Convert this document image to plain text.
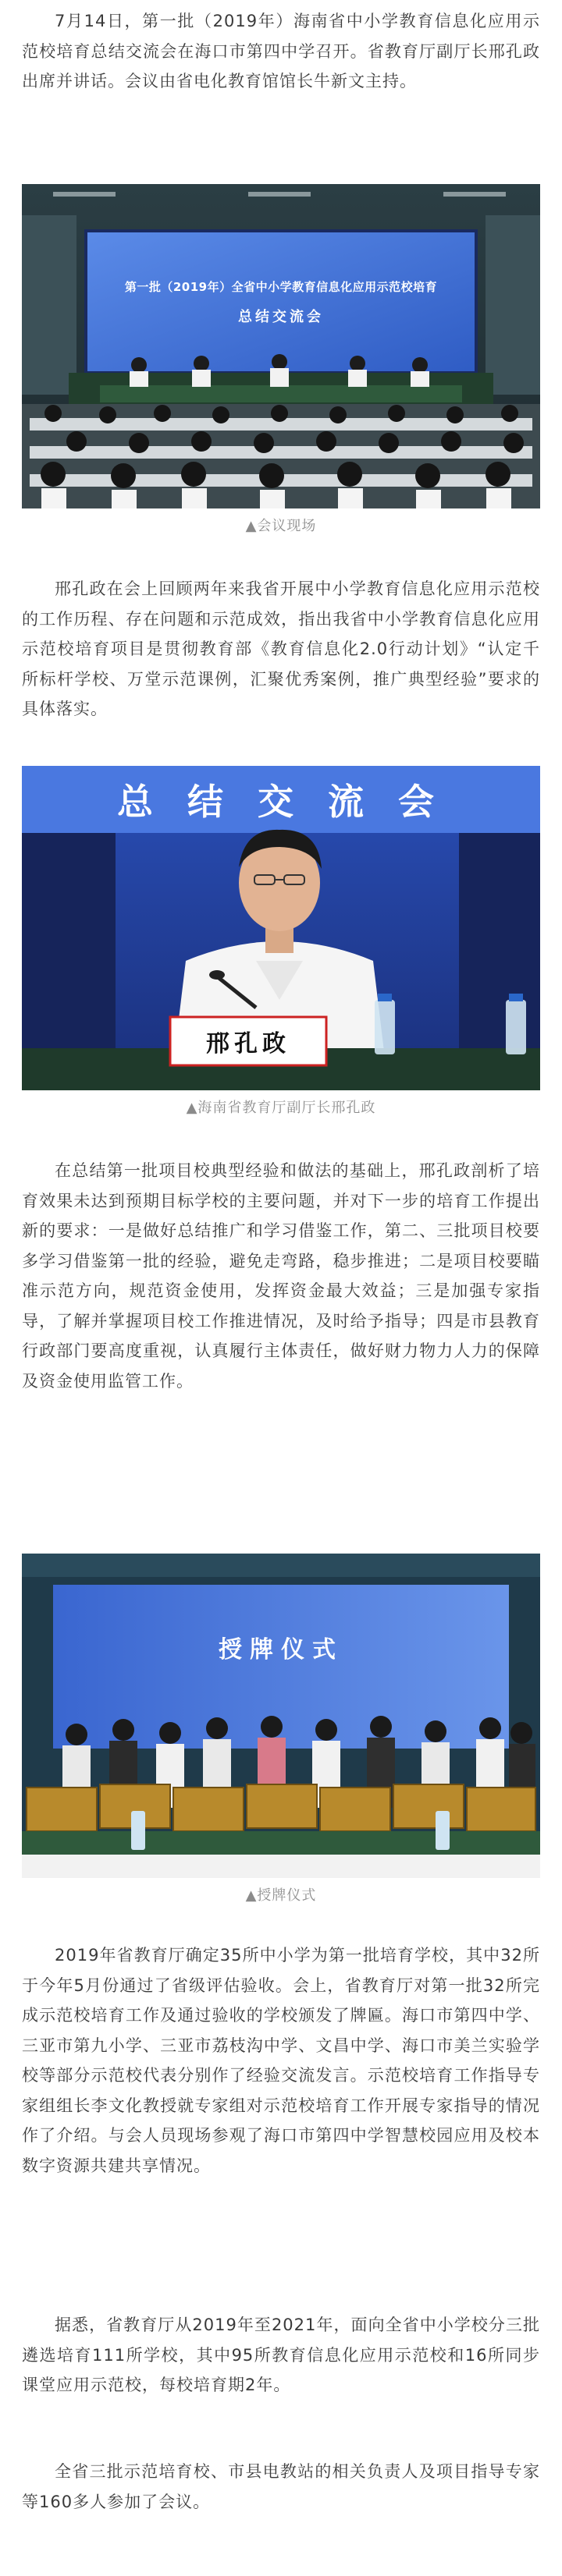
7月14日，第一批（2019年）海南省中小学教育信息化应用示范校培育总结交流会在海口市第四中学召开。省教育厅副厅长邢孔政出席并讲话。会议由省电化教育馆馆长牛新文主持。

第一批（2019年）全省中小学教育信息化应用示范校培育
总结交流会
▲会议现场

邢孔政在会上回顾两年来我省开展中小学教育信息化应用示范校的工作历程、存在问题和示范成效，指出我省中小学教育信息化应用示范校培育项目是贯彻教育部《教育信息化2.0行动计划》“认定千所标杆学校、万堂示范课例，汇聚优秀案例，推广典型经验”要求的具体落实。

总 结 交 流 会
邢孔政
▲海南省教育厅副厅长邢孔政

在总结第一批项目校典型经验和做法的基础上，邢孔政剖析了培育效果未达到预期目标学校的主要问题，并对下一步的培育工作提出新的要求：一是做好总结推广和学习借鉴工作，第二、三批项目校要多学习借鉴第一批的经验，避免走弯路，稳步推进；二是项目校要瞄准示范方向，规范资金使用，发挥资金最大效益；三是加强专家指导，了解并掌握项目校工作推进情况，及时给予指导；四是市县教育行政部门要高度重视，认真履行主体责任，做好财力物力人力的保障及资金使用监管工作。

授牌仪式
▲授牌仪式

2019年省教育厅确定35所中小学为第一批培育学校，其中32所于今年5月份通过了省级评估验收。会上，省教育厅对第一批32所完成示范校培育工作及通过验收的学校颁发了牌匾。海口市第四中学、三亚市第九小学、三亚市荔枝沟中学、文昌中学、海口市美兰实验学校等部分示范校代表分别作了经验交流发言。示范校培育工作指导专家组组长李文化教授就专家组对示范校培育工作开展专家指导的情况作了介绍。与会人员现场参观了海口市第四中学智慧校园应用及校本数字资源共建共享情况。

据悉，省教育厅从2019年至2021年，面向全省中小学校分三批遴选培育111所学校，其中95所教育信息化应用示范校和16所同步课堂应用示范校，每校培育期2年。

全省三批示范培育校、市县电教站的相关负责人及项目指导专家等160多人参加了会议。
